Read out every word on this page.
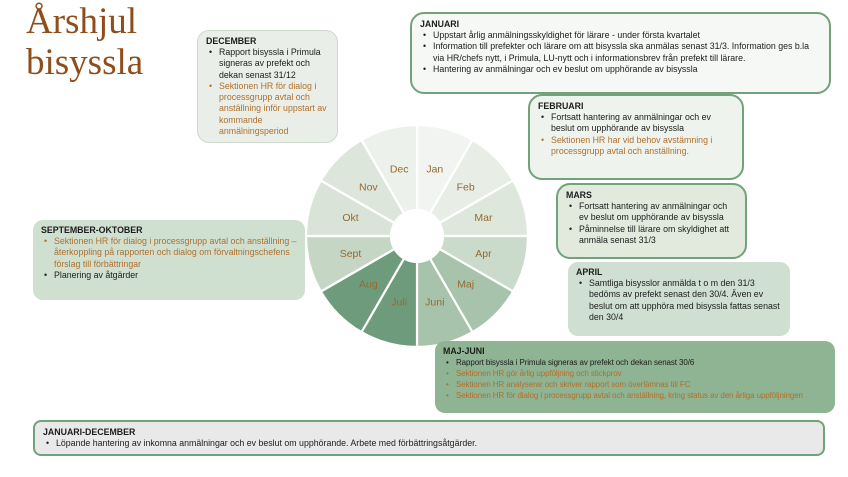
Årshjul bisyssla
Jan
Feb
Mar
Apr
Maj
Juni
Juli
Aug
Sept
Okt
Nov
Dec
DECEMBER
• Rapport bisyssla i Primula signeras av prefekt och dekan senast 31/12
• Sektionen HR för dialog i processgrupp avtal och anställning inför uppstart av kommande anmälningsperiod
JANUARI
• Uppstart årlig anmälningsskyldighet för lärare - under första kvartalet
• Information till prefekter och lärare om att bisyssla ska anmälas senast 31/3. Information ges b.la via HR/chefs nytt, i Primula, LU-nytt och i informationsbrev från prefekt till lärare.
• Hantering av anmälningar och ev beslut om upphörande av bisyssla
FEBRUARI
• Fortsatt hantering av anmälningar och ev beslut om upphörande av bisyssla
• Sektionen HR har vid behov avstämning i processgrupp avtal och anställning.
MARS
• Fortsatt hantering av anmälningar och ev beslut om upphörande av bisyssla
• Påminnelse till lärare om skyldighet att anmäla senast 31/3
APRIL
• Samtliga bisysslor anmälda t o m den 31/3 bedöms av prefekt senast den 30/4. Även ev beslut om att upphöra med bisyssla fattas senast den 30/4
MAJ-JUNI
• Rapport bisyssla i Primula signeras av prefekt och dekan senast 30/6
• Sektionen HR gör årlig uppföljning och stickprov
• Sektionen HR analyserar och skriver rapport som överlämnas till FC
• Sektionen HR för dialog i processgrupp avtal och anställning, kring status av den årliga uppföljningen
SEPTEMBER-OKTOBER
• Sektionen HR för dialog i processgrupp avtal och anställning – återkoppling på rapporten och dialog om förvaltningschefens förslag till förbättringar
• Planering av åtgärder
JANUARI-DECEMBER
• Löpande hantering av inkomna anmälningar och ev beslut om upphörande. Arbete med förbättringsåtgärder.
